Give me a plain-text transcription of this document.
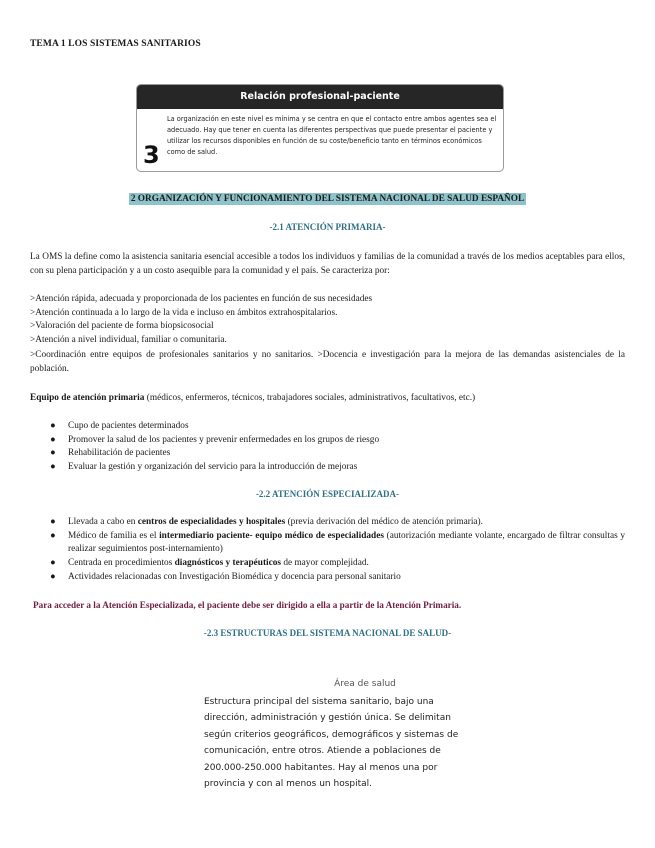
TEMA 1 LOS SISTEMAS SANITARIOS
Relación profesional-paciente
3
La organización en este nivel es mínima y se centra en que el contacto entre ambos agentes sea el adecuado. Hay que tener en cuenta las diferentes perspectivas que puede presentar el paciente y utilizar los recursos disponibles en función de su coste/beneficio tanto en términos económicos como de salud.
2 ORGANIZACIÓN Y FUNCIONAMIENTO DEL SISTEMA NACIONAL DE SALUD ESPAÑOL
-2.1 ATENCIÓN PRIMARIA-
La OMS la define como la asistencia sanitaria esencial accesible a todos los individuos y familias de la comunidad a través de los medios aceptables para ellos, con su plena participación y a un costo asequible para la comunidad y el país. Se caracteriza por:
>Atención rápida, adecuada y proporcionada de los pacientes en función de sus necesidades
>Atención continuada a lo largo de la vida e incluso en ámbitos extrahospitalarios.
>Valoración del paciente de forma biopsicosocial
>Atención a nivel individual, familiar o comunitaria.
>Coordinación entre equipos de profesionales sanitarios y no sanitarios. >Docencia e investigación para la mejora de las demandas asistenciales de la población.
Equipo de atención primaria (médicos, enfermeros, técnicos, trabajadores sociales, administrativos, facultativos, etc.)
● Cupo de pacientes determinados
● Promover la salud de los pacientes y prevenir enfermedades en los grupos de riesgo
● Rehabilitación de pacientes
● Evaluar la gestión y organización del servicio para la introducción de mejoras
-2.2 ATENCIÓN ESPECIALIZADA-
● Llevada a cabo en centros de especialidades y hospitales (previa derivación del médico de atención primaria).
● Médico de familia es el intermediario paciente- equipo médico de especialidades (autorización mediante volante, encargado de filtrar consultas y realizar seguimientos post-internamiento)
● Centrada en procedimientos diagnósticos y terapéuticos de mayor complejidad.
● Actividades relacionadas con Investigación Biomédica y docencia para personal sanitario
Para acceder a la Atención Especializada, el paciente debe ser dirigido a ella a partir de la Atención Primaria.
-2.3 ESTRUCTURAS DEL SISTEMA NACIONAL DE SALUD-
Área de salud
Estructura principal del sistema sanitario, bajo una dirección, administración y gestión única. Se delimitan según criterios geográficos, demográficos y sistemas de comunicación, entre otros. Atiende a poblaciones de 200.000-250.000 habitantes. Hay al menos una por provincia y con al menos un hospital.
